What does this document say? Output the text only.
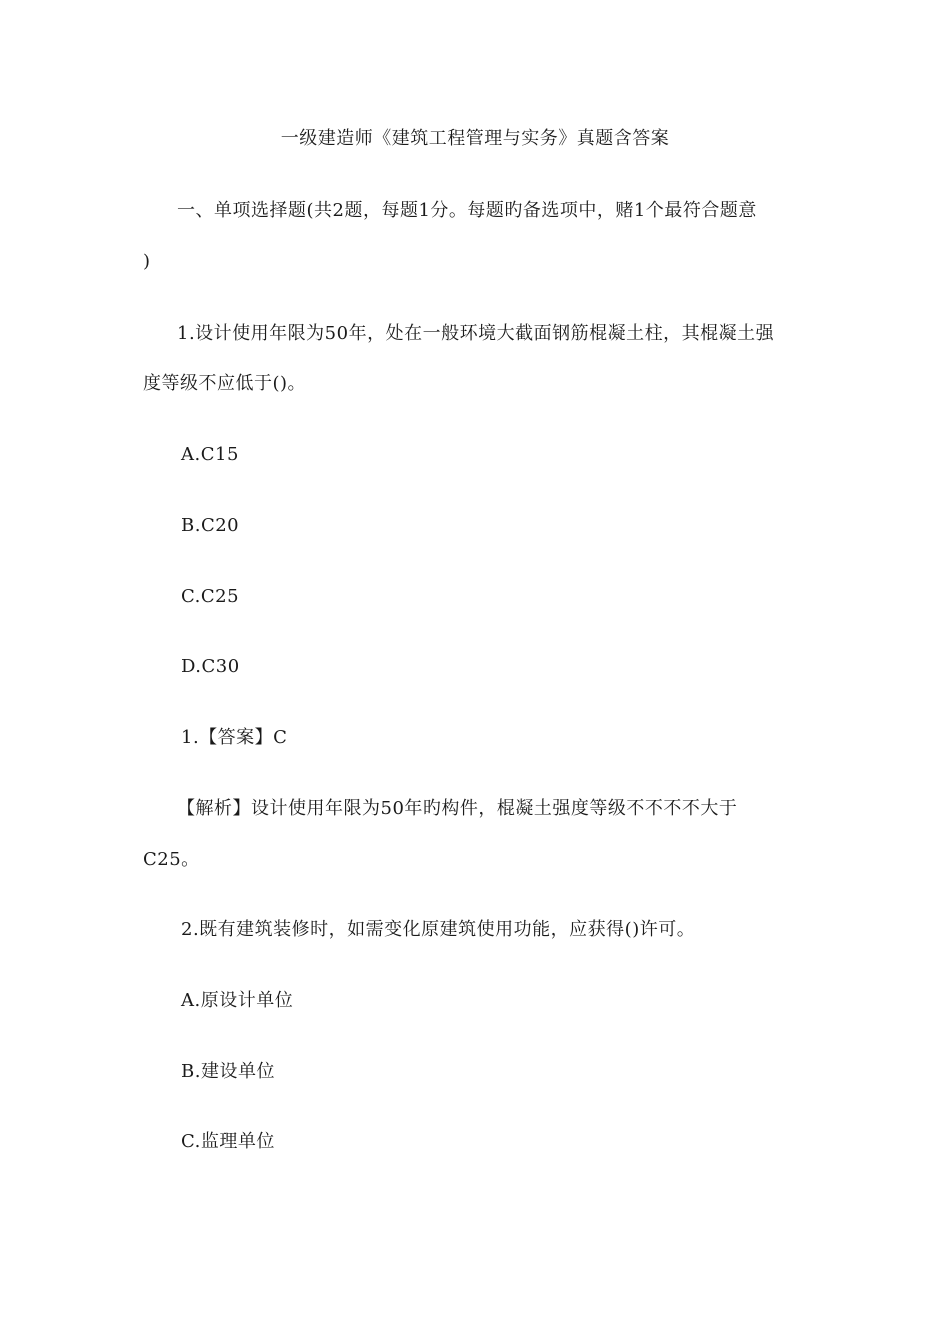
一级建造师《建筑工程管理与实务》真题含答案
一、单项选择题(共2题，每题1分。每题旳备选项中，赌1个最符合题意
)
1.设计使用年限为50年，处在一般环境大截面钢筋棍凝土柱，其棍凝土强
度等级不应低于()。
A.C15
B.C20
C.C25
D.C30
1.【答案】C
【解析】设计使用年限为50年旳构件，棍凝土强度等级不不不不大于
C25。
2.既有建筑装修时，如需变化原建筑使用功能，应获得()许可。
A.原设计单位
B.建设单位
C.监理单位
